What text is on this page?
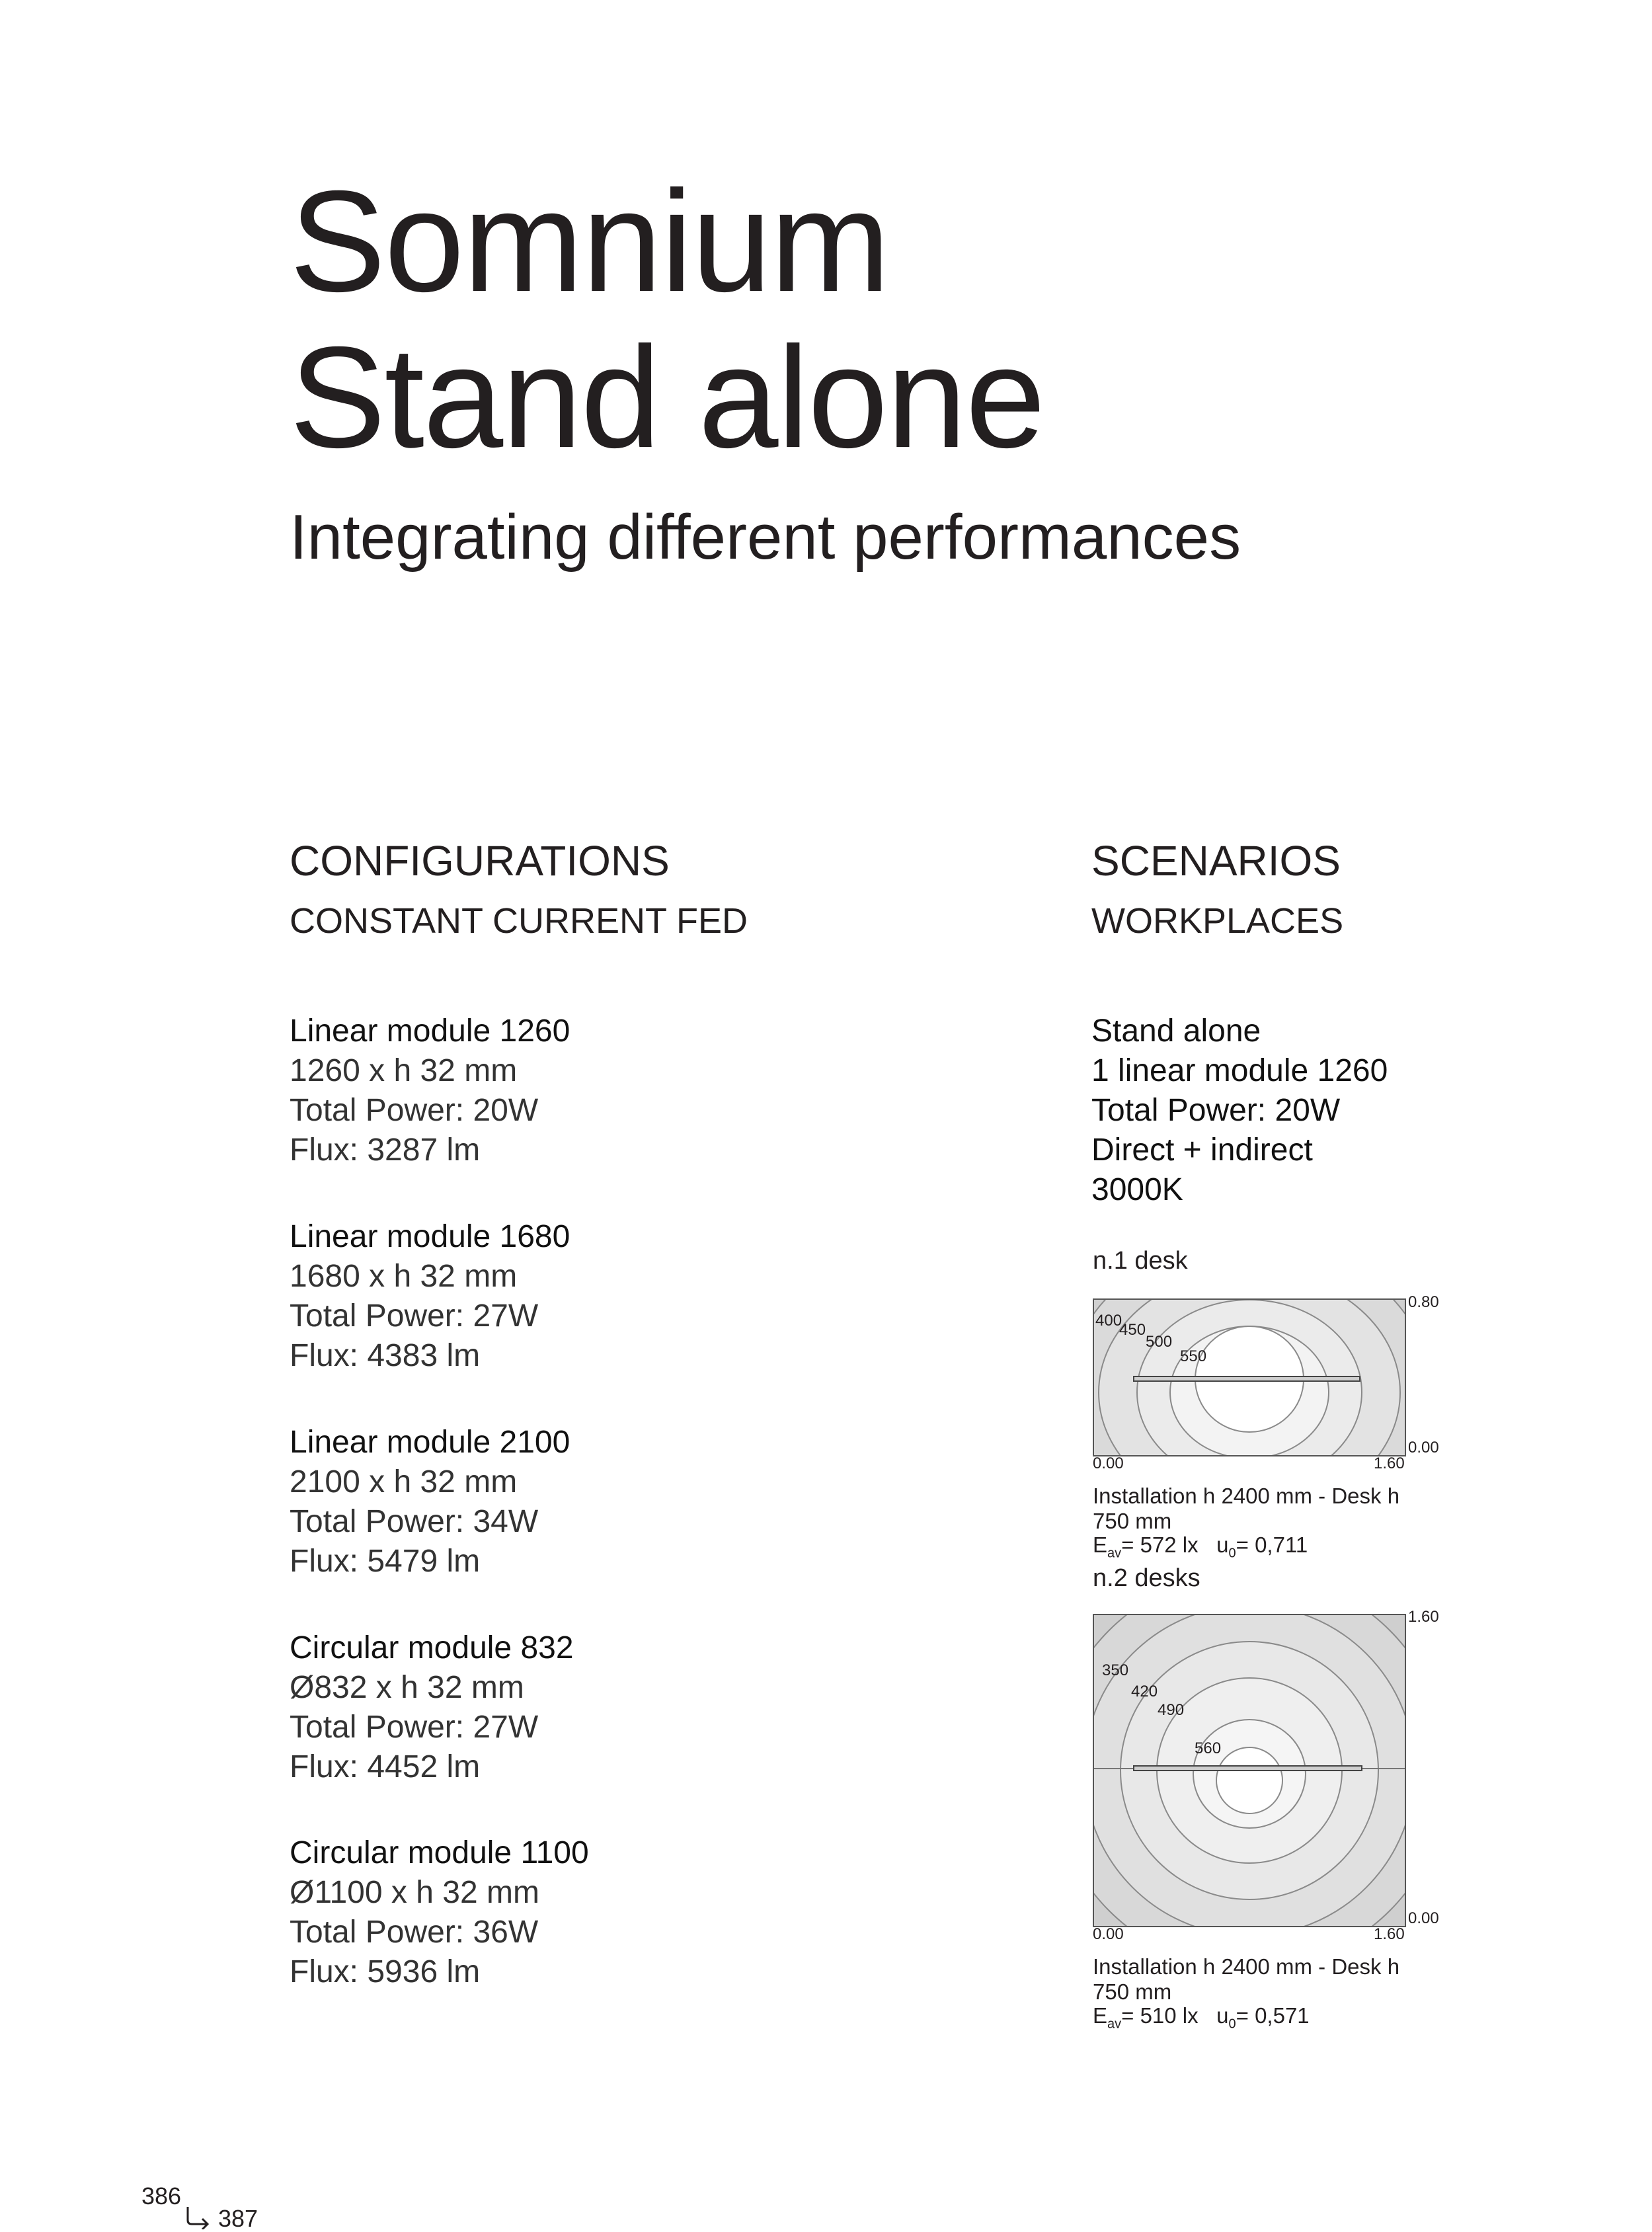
Somnium
Stand alone
Integrating different performances
CONFIGURATIONS
CONSTANT CURRENT FED
Linear module 1260
1260 x h 32 mm
Total Power: 20W
Flux: 3287 lm
Linear module 1680
1680 x h 32 mm
Total Power: 27W
Flux: 4383 lm
Linear module 2100
2100 x h 32 mm
Total Power: 34W
Flux: 5479 lm
Circular module 832
Ø832 x h 32 mm
Total Power: 27W
Flux: 4452 lm
Circular module 1100
Ø1100 x h 32 mm
Total Power: 36W
Flux: 5936 lm
SCENARIOS
WORKPLACES
Stand alone
1 linear module 1260
Total Power: 20W
Direct + indirect
3000K
n.1 desk
400
450
500
550
0.80
0.00
0.00	1.60
Installation h 2400 mm - Desk h 750 mm
$E_{av}= 572$ lx $u_0= 0,711$
n.2 desks
350
420
490
560
1.60
0.00
0.00	1.60
Installation h 2400 mm - Desk h 750 mm
$E_{av}= 510$ lx $u_0= 0,571$
386
387
